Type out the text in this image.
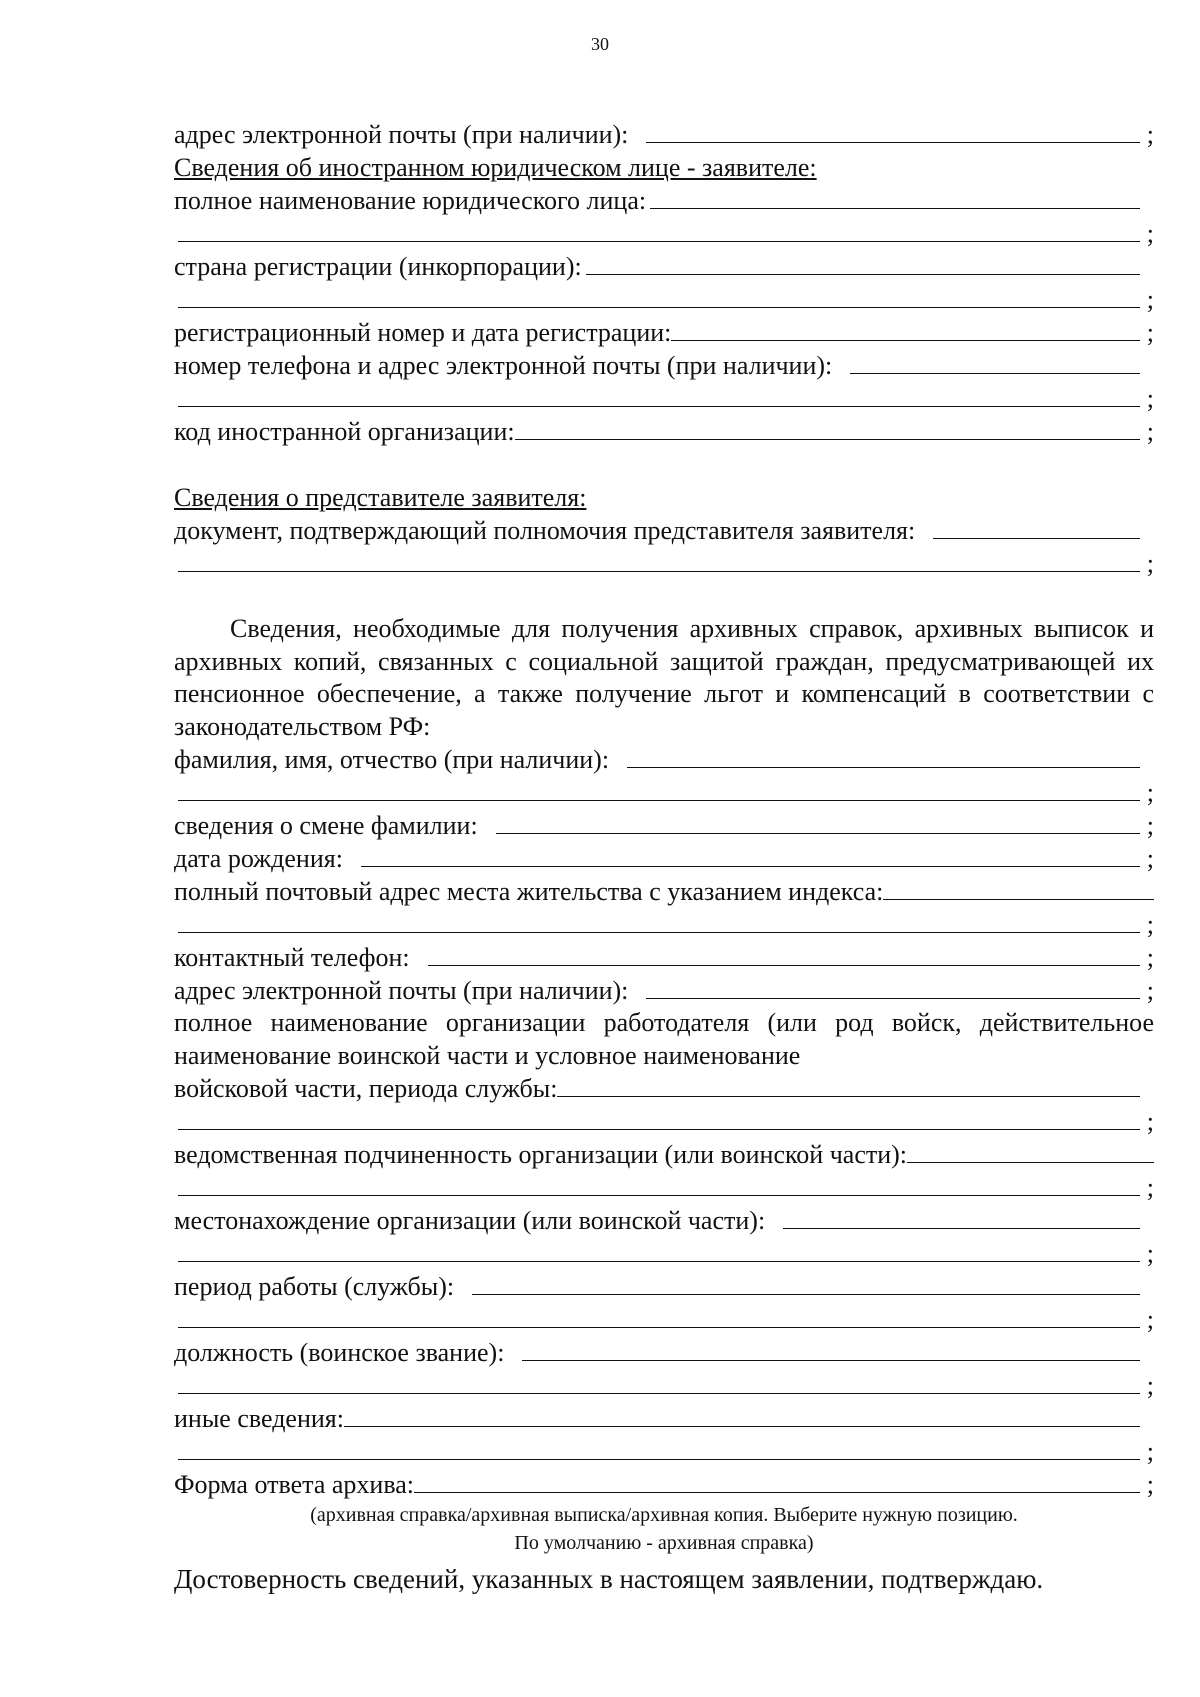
30
адрес электронной почты (при наличии):	;
Сведения об иностранном юридическом лице - заявителе:
полное наименование юридического лица:
;
страна регистрации (инкорпорации):
;
регистрационный номер и дата регистрации:	;
номер телефона и адрес электронной почты (при наличии):
;
код иностранной организации:	;
Сведения о представителе заявителя:
документ, подтверждающий полномочия представителя заявителя:
;
Сведения, необходимые для получения архивных справок, архивных выписок и архивных копий, связанных с социальной защитой граждан, предусматривающей их пенсионное обеспечение, а также получение льгот и компенсаций в соответствии с законодательством РФ:
фамилия, имя, отчество (при наличии):
;
сведения о смене фамилии:	;
дата рождения:	;
полный почтовый адрес места жительства с указанием индекса:
;
контактный телефон:	;
адрес электронной почты (при наличии):	;
полное наименование организации работодателя (или род войск, действительное наименование воинской части и условное наименование
войсковой части, периода службы:
;
ведомственная подчиненность организации (или воинской части):
;
местонахождение организации (или воинской части):
;
период работы (службы):
;
должность (воинское звание):
;
иные сведения:
;
Форма ответа архива:	;
(архивная справка/архивная выписка/архивная копия. Выберите нужную позицию.
По умолчанию - архивная справка)
Достоверность сведений, указанных в настоящем заявлении, подтверждаю.
